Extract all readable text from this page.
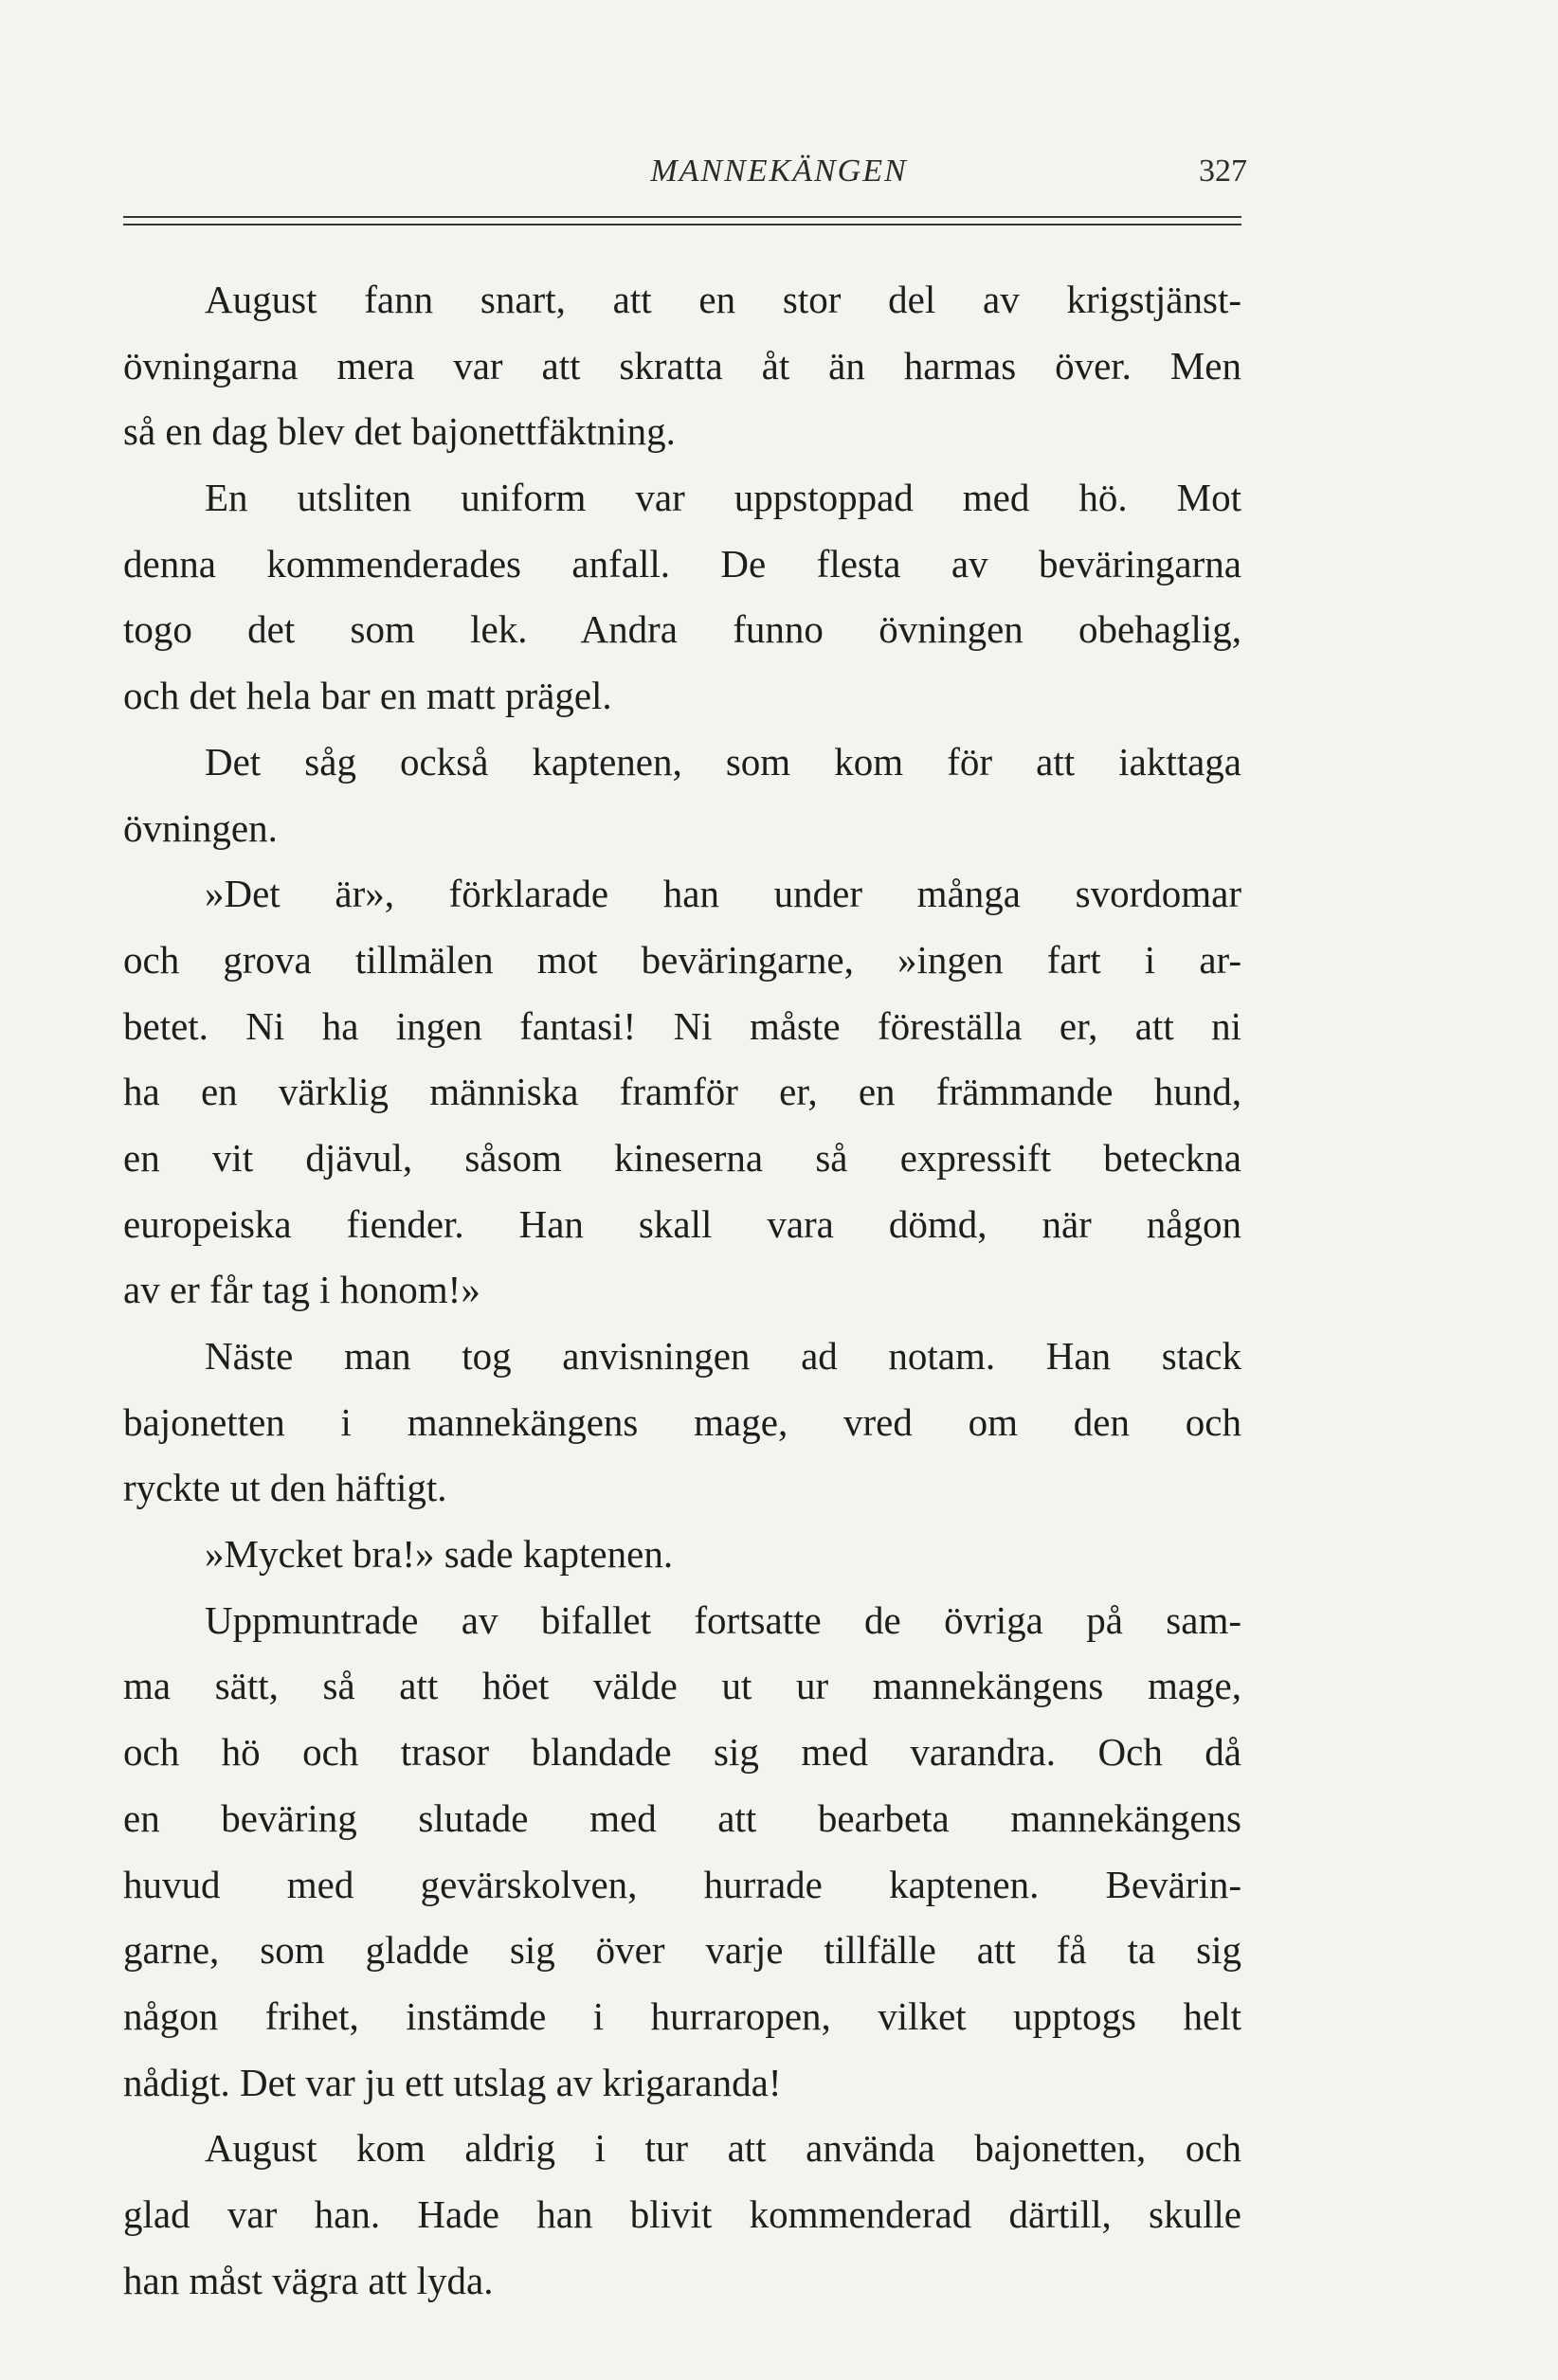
MANNEKÄNGEN	327
August fann snart, att en stor del av krigstjänst-
övningarna mera var att skratta åt än harmas över. Men
så en dag blev det bajonettfäktning.
En utsliten uniform var uppstoppad med hö. Mot
denna kommenderades anfall. De flesta av beväringarna
togo det som lek. Andra funno övningen obehaglig,
och det hela bar en matt prägel.
Det såg också kaptenen, som kom för att iakttaga
övningen.
»Det är», förklarade han under många svordomar
och grova tillmälen mot beväringarne, »ingen fart i ar-
betet. Ni ha ingen fantasi! Ni måste föreställa er, att ni
ha en värklig människa framför er, en främmande hund,
en vit djävul, såsom kineserna så expressift beteckna
europeiska fiender. Han skall vara dömd, när någon
av er får tag i honom!»
Näste man tog anvisningen ad notam. Han stack
bajonetten i mannekängens mage, vred om den och
ryckte ut den häftigt.
»Mycket bra!» sade kaptenen.
Uppmuntrade av bifallet fortsatte de övriga på sam-
ma sätt, så att höet välde ut ur mannekängens mage,
och hö och trasor blandade sig med varandra. Och då
en beväring slutade med att bearbeta mannekängens
huvud med gevärskolven, hurrade kaptenen. Bevärin-
garne, som gladde sig över varje tillfälle att få ta sig
någon frihet, instämde i hurraropen, vilket upptogs helt
nådigt. Det var ju ett utslag av krigaranda!
August kom aldrig i tur att använda bajonetten, och
glad var han. Hade han blivit kommenderad därtill, skulle
han måst vägra att lyda.
